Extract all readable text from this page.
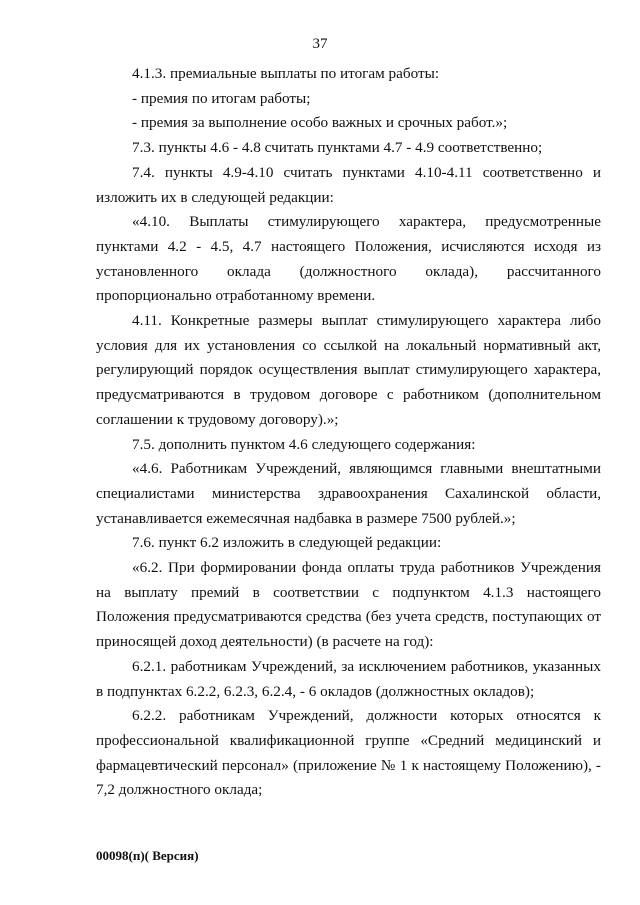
37

4.1.3. премиальные выплаты по итогам работы:

- премия по итогам работы;

- премия за выполнение особо важных и срочных работ.»;

7.3. пункты 4.6 - 4.8 считать пунктами 4.7 - 4.9 соответственно;

7.4. пункты 4.9-4.10 считать пунктами 4.10-4.11 соответственно и изложить их в следующей редакции:

«4.10. Выплаты стимулирующего характера, предусмотренные пунктами 4.2 - 4.5, 4.7 настоящего Положения, исчисляются исходя из установленного оклада (должностного оклада), рассчитанного пропорционально отработанному времени.

4.11. Конкретные размеры выплат стимулирующего характера либо условия для их установления со ссылкой на локальный нормативный акт, регулирующий порядок осуществления выплат стимулирующего характера, предусматриваются в трудовом договоре с работником (дополнительном соглашении к трудовому договору).»;

7.5. дополнить пунктом 4.6 следующего содержания:

«4.6. Работникам Учреждений, являющимся главными внештатными специалистами министерства здравоохранения Сахалинской области, устанавливается ежемесячная надбавка в размере 7500 рублей.»;

7.6. пункт 6.2 изложить в следующей редакции:

«6.2. При формировании фонда оплаты труда работников Учреждения на выплату премий в соответствии с подпунктом 4.1.3 настоящего Положения предусматриваются средства (без учета средств, поступающих от приносящей доход деятельности) (в расчете на год):

6.2.1. работникам Учреждений, за исключением работников, указанных в подпунктах 6.2.2, 6.2.3, 6.2.4, - 6 окладов (должностных окладов);

6.2.2. работникам Учреждений, должности которых относятся к профессиональной квалификационной группе «Средний медицинский и фармацевтический персонал» (приложение № 1 к настоящему Положению), - 7,2 должностного оклада;

00098(п)( Версия)
